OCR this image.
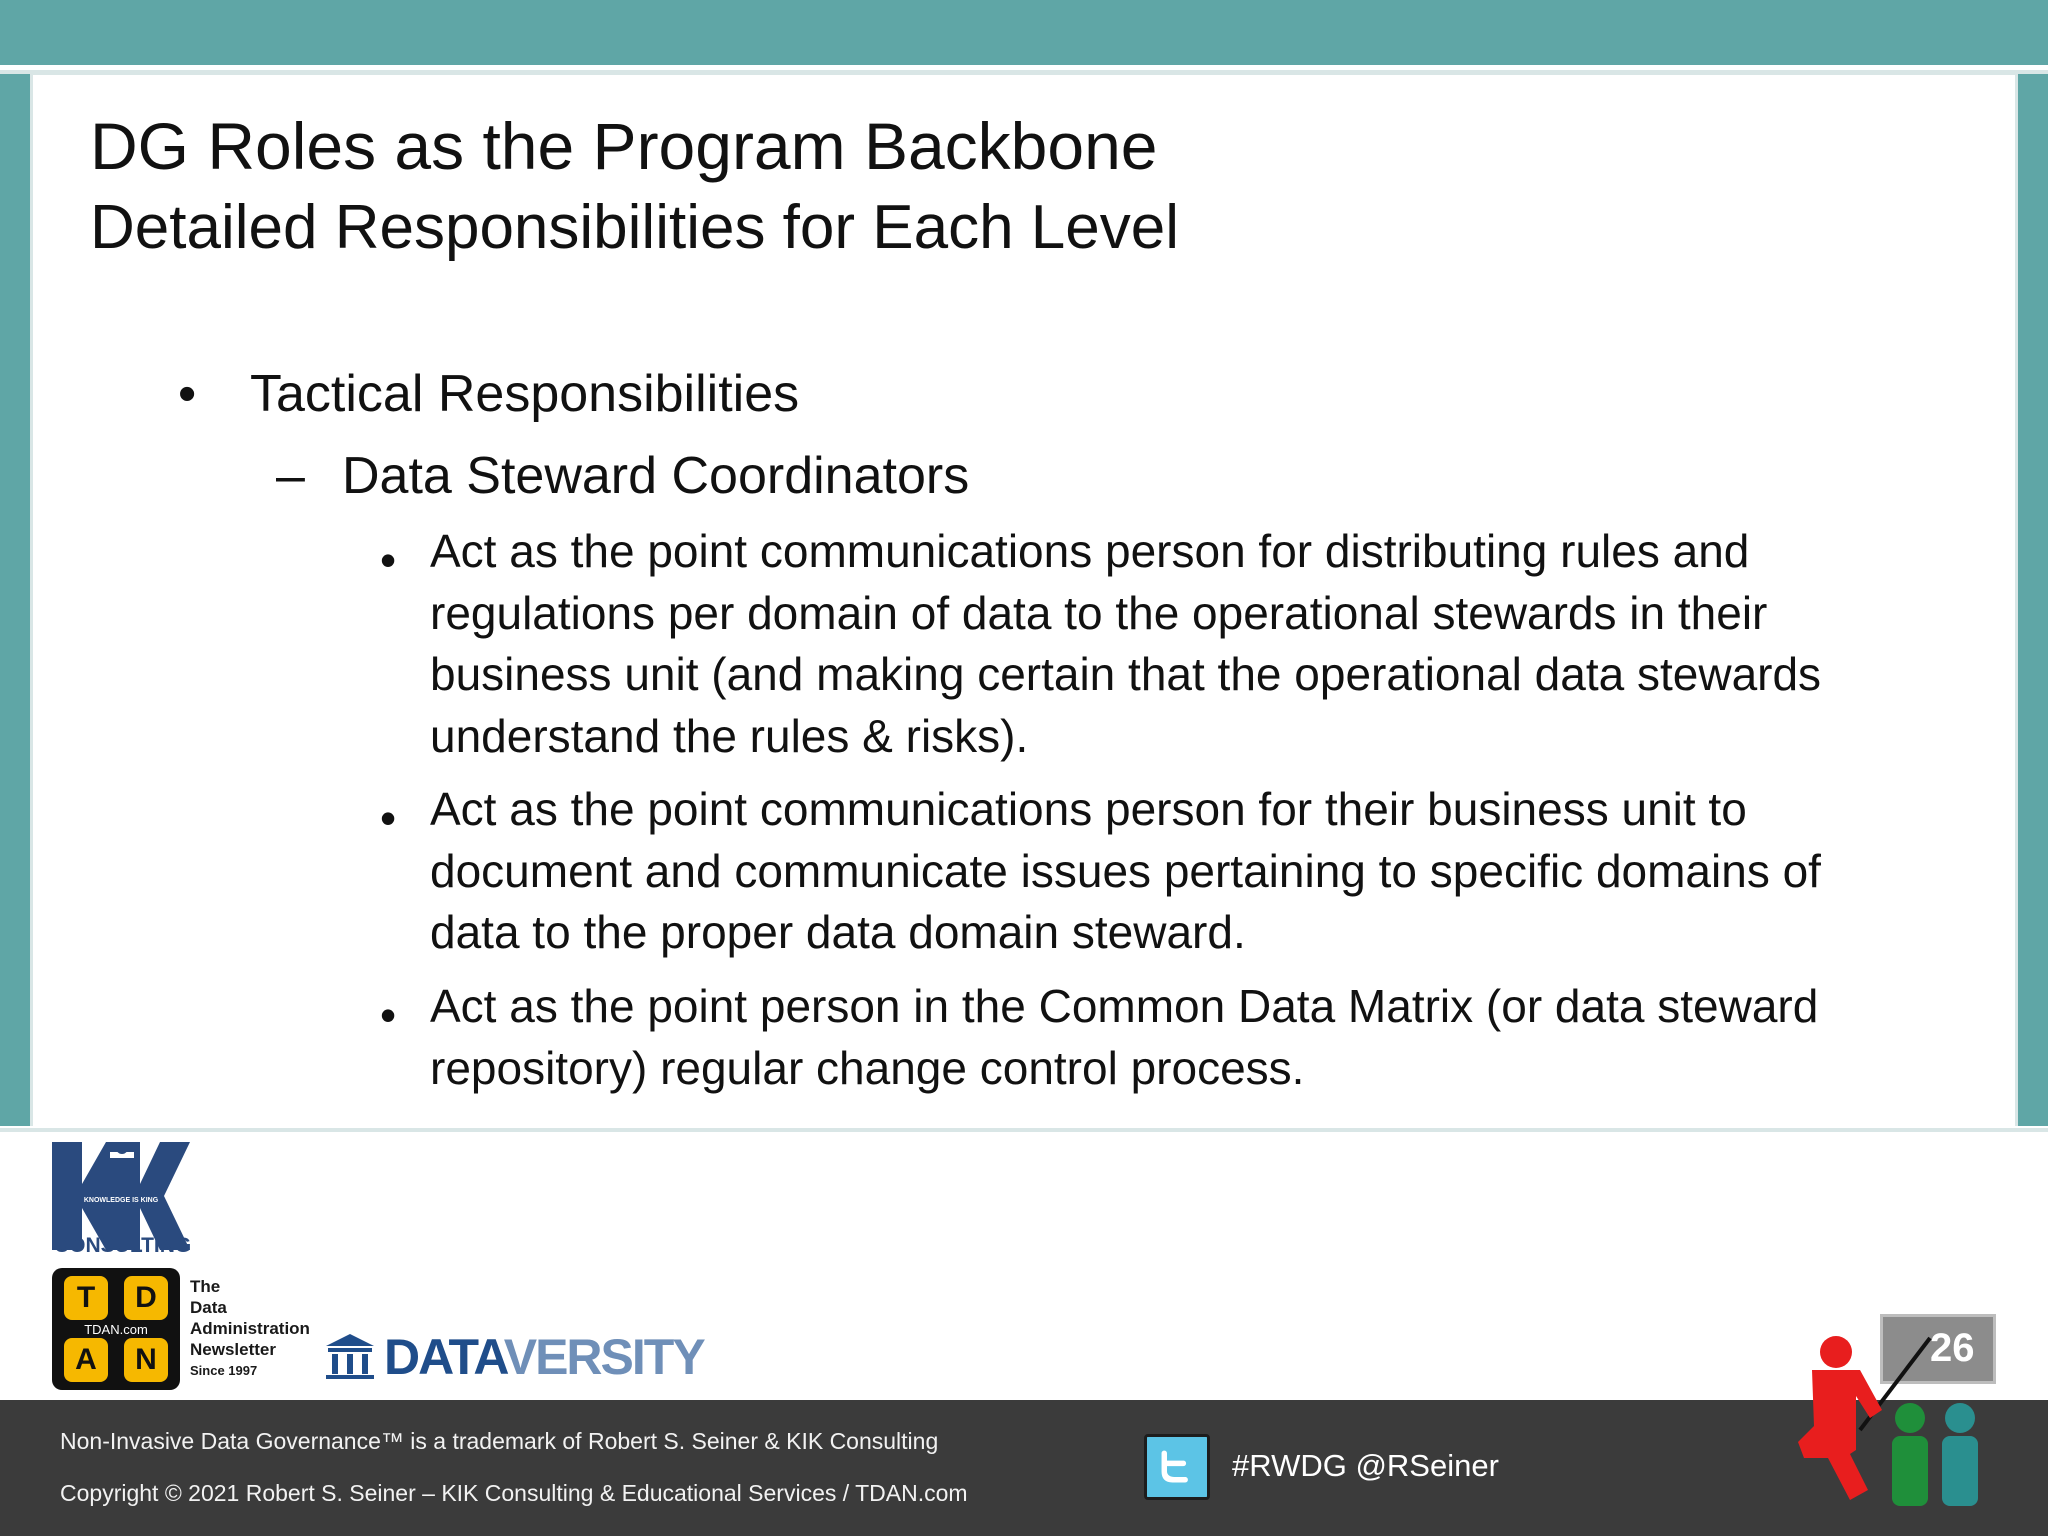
DG Roles as the Program Backbone
Detailed Responsibilities for Each Level
• Tactical Responsibilities
– Data Steward Coordinators
• Act as the point communications person for distributing rules and regulations per domain of data to the operational stewards in their business unit (and making certain that the operational data stewards understand the rules & risks).
• Act as the point communications person for their business unit to document and communicate issues pertaining to specific domains of data to the proper data domain steward.
• Act as the point person in the Common Data Matrix (or data steward repository) regular change control process.
KNOWLEDGE IS KING
CONSULTING
T	D
TDAN.com
A	N
The
Data
Administration
Newsletter
Since 1997	DATAVERSITY
Non-Invasive Data Governance™ is a trademark of Robert S. Seiner & KIK Consulting
Copyright © 2021 Robert S. Seiner – KIK Consulting & Educational Services / TDAN.com
#RWDG @RSeiner
26
